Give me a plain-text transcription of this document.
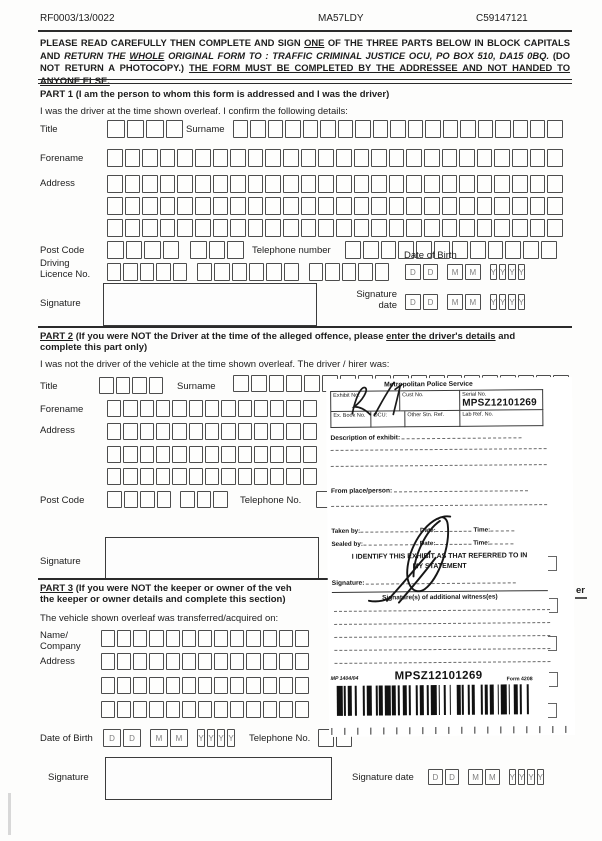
RF0003/13/0022	MA57LDY	C59147121
PLEASE READ CAREFULLY THEN COMPLETE AND SIGN ONE OF THE THREE PARTS BELOW IN BLOCK CAPITALS AND RETURN THE WHOLE ORIGINAL FORM TO : TRAFFIC CRIMINAL JUSTICE OCU, PO BOX 510, DA15 0BQ. (DO NOT RETURN A PHOTOCOPY.) THE FORM MUST BE COMPLETED BY THE ADDRESSEE AND NOT HANDED TO ANYONE ELSE.
PART 1 (I am the person to whom this form is addressed and I was the driver)
I was the driver at the time shown overleaf. I confirm the following details:
Title	Surname
Forename
Address
Post Code	Telephone number
Driving
Licence No.
Date of Birth
D	D	M	M	Y Y Y Y
Signature
Signature
date	D	D	M	M	Y Y Y Y
PART 2 (If you were NOT the Driver at the time of the alleged offence, please enter the driver's details and
complete this part only)
I was not the driver of the vehicle at the time shown overleaf. The driver / hirer was:
Title	Surname
Forename
Address
Post Code	Telephone No.
Signature
PART 3 (If you were NOT the keeper or owner of the veh
the keeper or owner details and complete this section)
er
The vehicle shown overleaf was transferred/acquired on:
Name/
Company
Address
Date of Birth	D	D	M	M	Y Y Y Y Telephone No.
Signature	Signature date	D	D	M	M	Y Y Y Y
Metropolitan Police Service
Exhibit No.	Cust No.	Serial No.
MPSZ12101269
Ex. Book No.	OCU:	Other Stn. Ref.	Lab Ref. No.
Description of exhibit:
From place/person:
Taken by:	Date:	Time:
Sealed by:	Date:	Time:
I IDENTIFY THIS EXHIBIT AS THAT REFERRED TO IN
MY STATEMENT
Signature:
Signature(s) of additional witness(es)
MP 1404/04	MPSZ12101269	Form 4208
